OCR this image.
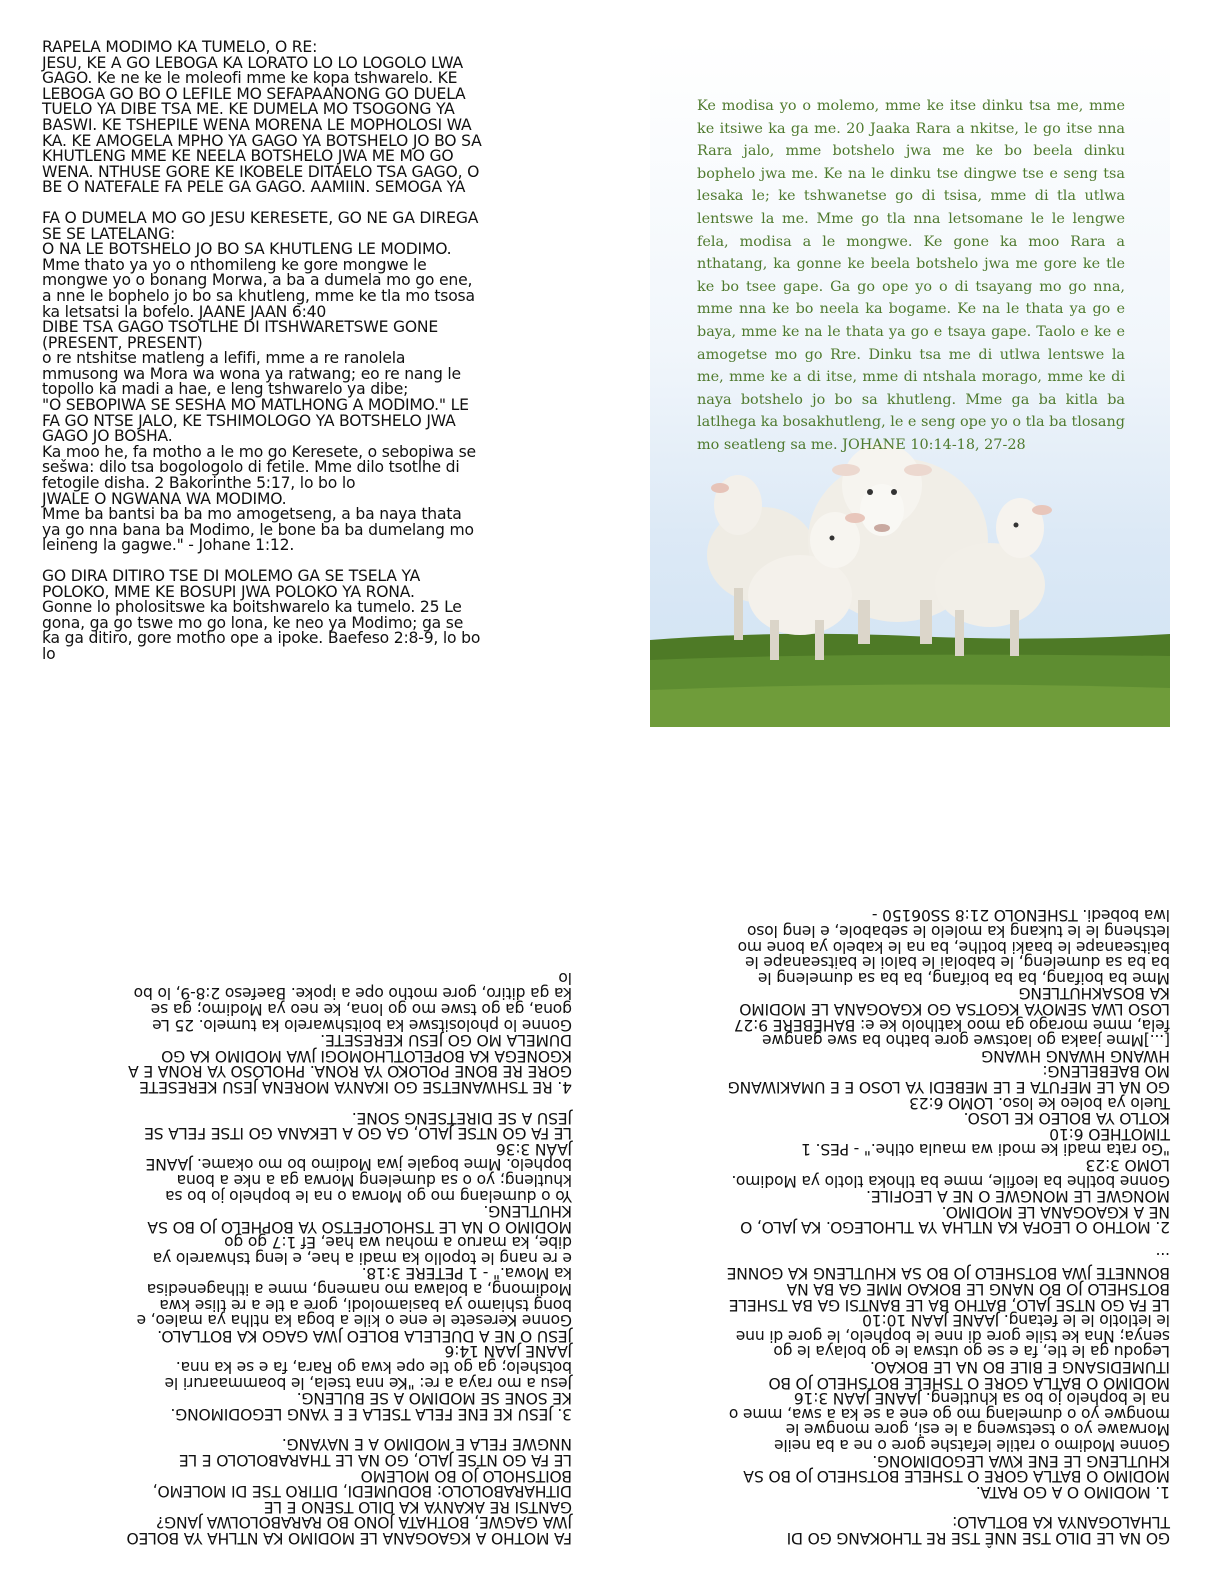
RAPELA MODIMO KA TUMELO, O RE:

JESU, KE A GO LEBOGA KA LORATO LO LO LOGOLO LWA

GAGO. Ke ne ke le moleofi mme ke kopa tshwarelo. KE

LEBOGA GO BO O LEFILE MO SEFAPAANONG GO DUELA

TUELO YA DIBE TSA ME. KE DUMELA MO TSOGONG YA

BASWI. KE TSHEPILE WENA MORENA LE MOPHOLOSI WA

KA. KE AMOGELA MPHO YA GAGO YA BOTSHELO JO BO SA

KHUTLENG MME KE NEELA BOTSHELO JWA ME MO GO

WENA. NTHUSE GORE KE IKOBELE DITAELO TSA GAGO, O

BE O NATEFALE FA PELE GA GAGO. AAMIIN. SEMOGA YA

FA O DUMELA MO GO JESU KERESETE, GO NE GA DIREGA

SE SE LATELANG:

O NA LE BOTSHELO JO BO SA KHUTLENG LE MODIMO.

Mme thato ya yo o nthomileng ke gore mongwe le

mongwe yo o bonang Morwa, a ba a dumela mo go ene,

a nne le bophelo jo bo sa khutleng, mme ke tla mo tsosa

ka letsatsi la bofelo. JAANE JAAN 6:40

DIBE TSA GAGO TSOTLHE DI ITSHWARETSWE GONE

(PRESENT, PRESENT)

o re ntshitse matleng a lefifi, mme a re ranolela

mmusong wa Mora wa wona ya ratwang; eo re nang le

topollo ka madi a hae, e leng tshwarelo ya dibe;

"O SEBOPIWA SE SESHA MO MATLHONG A MODIMO." LE

FA GO NTSE JALO, KE TSHIMOLOGO YA BOTSHELO JWA

GAGO JO BOSHA.

Ka moo he, fa motho a le mo go Keresete, o sebopiwa se

sešwa: dilo tsa bogologolo di fetile. Mme dilo tsotlhe di

fetogile disha. 2 Bakorinthe 5:17, lo bo lo

JWALE O NGWANA WA MODIMO.

Mme ba bantsi ba ba mo amogetseng, a ba naya thata

ya go nna bana ba Modimo, le bone ba ba dumelang mo

leineng la gagwe." - Johane 1:12.

GO DIRA DITIRO TSE DI MOLEMO GA SE TSELA YA

POLOKO, MME KE BOSUPI JWA POLOKO YA RONA.

Gonne lo pholositswe ka boitshwarelo ka tumelo. 25 Le

gona, ga go tswe mo go lona, ke neo ya Modimo; ga se

ka ga ditiro, gore motho ope a ipoke. Baefeso 2:8-9, lo bo

lo

Ke modisa yo o molemo, mme ke itse dinku tsa me, mme ke itsiwe ka ga me. 20 Jaaka Rara a nkitse, le go itse nna Rara jalo, mme botshelo jwa me ke bo beela dinku bophelo jwa me. Ke na le dinku tse dingwe tse e seng tsa lesaka le; ke tshwanetse go di tsisa, mme di tla utlwa lentswe la me. Mme go tla nna letsomane le le lengwe fela, modisa a le mongwe. Ke gone ka moo Rara a nthatang, ka gonne ke beela botshelo jwa me gore ke tle ke bo tsee gape. Ga go ope yo o di tsayang mo go nna, mme nna ke bo neela ka bogame. Ke na le thata ya go e baya, mme ke na le thata ya go e tsaya gape. Taolo e ke e amogetse mo go Rre. Dinku tsa me di utlwa lentswe la me, mme ke a di itse, mme di ntshala morago, mme ke di naya botshelo jo bo sa khutleng. Mme ga ba kitla ba latlhega ka bosakhutleng, le e seng ope yo o tla ba tlosang mo seatleng sa me. JOHANE 10:14-18, 27-28

FA MOTHO A KGAOGANA LE MODIMO KA NTLHA YA BOLEO

JWA GAGWE, BOTHATA JONO BO RARABOLOLWA JANG?

GANTSI RE AKANYA KA DILO TSENO E LE

DITHARABOLOLO: BODUMEDI, DITIRO TSE DI MOLEMO,

BOITSHOLO JO BO MOLEMO

LE FA GO NTSE JALO, GO NA LE THARABOLOLO E LE

NNGWE FELA E MODIMO A E NAYANG.

3. JESU KE ENE FELA TSELA E E YANG LEGODIMONG.

KE SONE SE MODIMO A SE BULENG.

Jesu a mo raya a re: "Ke nna tsela, le boammaaruri le

botshelo; ga go tle ope kwa go Rara, fa e se ka nna.

JAANE JAAN 14:6

JESU O NE A DUELELA BOLEO JWA GAGO KA BOTLALO.

Gonne Keresete le ene o kile a boga ka ntlha ya maleo, e

bong tshiamo ya basiamolodi, gore a tle a re tlise kwa

Modimong, a bolawa mo nameng, mme a itlhagenedisa

ka Mowa." - 1 PETERE 3:18.

e re nang le topollo ka madi a hae, e leng tshwarelo ya

dibe, ka maruo a mohau wa hae, Ef 1:7 go go

MODIMO O NA LE TSHOLOFETSO YA BOPHELO JO BO SA

KHUTLENG.

Yo o dumelang mo go Morwa o na le bophelo jo bo sa

khutleng; yo o sa dumeleng Morwa ga a nke a bona

bophelo. Mme bogale jwa Modimo bo mo okame. JAANE

JAAN 3:36

LE FA GO NTSE JALO, GA GO A LEKANA GO ITSE FELA SE

JESU A SE DIRETSENG SONE.

4. RE TSHWANETSE GO IKANYA MORENA JESU KERESETE

GORE RE BONE POLOKO YA RONA. PHOLOSO YA RONA E A

KGONEGA KA BOPELOTLHOMOGI JWA MODIMO KA GO

DUMELA MO GO JESU KERESETE.

Gonne lo pholositswe ka boitshwarelo ka tumelo. 25 Le

gona, ga go tswe mo go lona, ke neo ya Modimo; ga se

ka ga ditiro, gore motho ope a ipoke. Baefeso 2:8-9, lo bo

lo

GO NA LE DILO TSE NNÊ TSE RE TLHOKANG GO DI

TLHALOGANYA KA BOTLALO:

1. MODIMO O A GO RATA.

MODIMO O BATLA GORE O TSHELE BOTSHELO JO BO SA

KHUTLENG LE ENE KWA LEGODIMONG.

Gonne Modimo o ratile lefatshe gore o ne a ba neile

Morwawe yo o tsetsweng a le esi, gore mongwe le

mongwe yo o dumelang mo go ene a se ka a swa, mme o

na le bophelo jo bo sa khutleng. JAANE JAAN 3:16

MODIMO O BATLA GORE O TSHELE BOTSHELO JO BO

ITUMEDISANG E BILE BO NA LE BOKAO.

Legodu ga le tle, fa e se go utswa le go bolaya le go

senya; Nna ke tsile gore di nne le bophelo, le gore di nne

le letlotlo le le fetang. JAANE JAAN 10:10

LE FA GO NTSE JALO, BATHO BA LE BANTSI GA BA TSHELE

BOTSHELO JO BO NANG LE BOKAO MME GA BA NA

BONNETE JWA BOTSHELO JO BO SA KHUTLENG KA GONNE

...

2. MOTHO O LEOFA KA NTLHA YA TLHOLEGO. KA JALO, O

NE A KGAOGANA LE MODIMO.

MONGWE LE MONGWE O NE A LEOFILE.

Gonne botlhe ba leofile, mme ba tlhoka tlotlo ya Modimo.

LOMO 3:23

"Go rata madi ke modi wa maula otlhe." - PES. 1

TIMOTHEO 6:10

KOTLO YA BOLEO KE LOSO.

Tuelo ya boleo ke loso. LOMO 6:23

GO NA LE MEFUTA E LE MEBEDI YA LOSO E E UMAKIWANG

MO BAEBELENG:

HWANG HWANG HWANG

[...]Mme jaaka go laotswe gore batho ba swe gangwe

fela, mme morago ga moo katlholo ke e: BAHEBERE 9:27

LOSO LWA SEMOYA KGOTSA GO KGAOGANA LE MODIMO

KA BOSAKHUTLENG

Mme ba boifang, ba ba boifang, ba ba sa dumeleng le

ba ba sa dumeleng, le babolai le baloi le baitseanape le

baitseanape le baaki botlhe, ba na le kabelo ya bone mo

letsheng le le tukang ka molelo le sebabole, e leng loso

lwa bobedi. TSHENOLO 21:8 SS06150 -
